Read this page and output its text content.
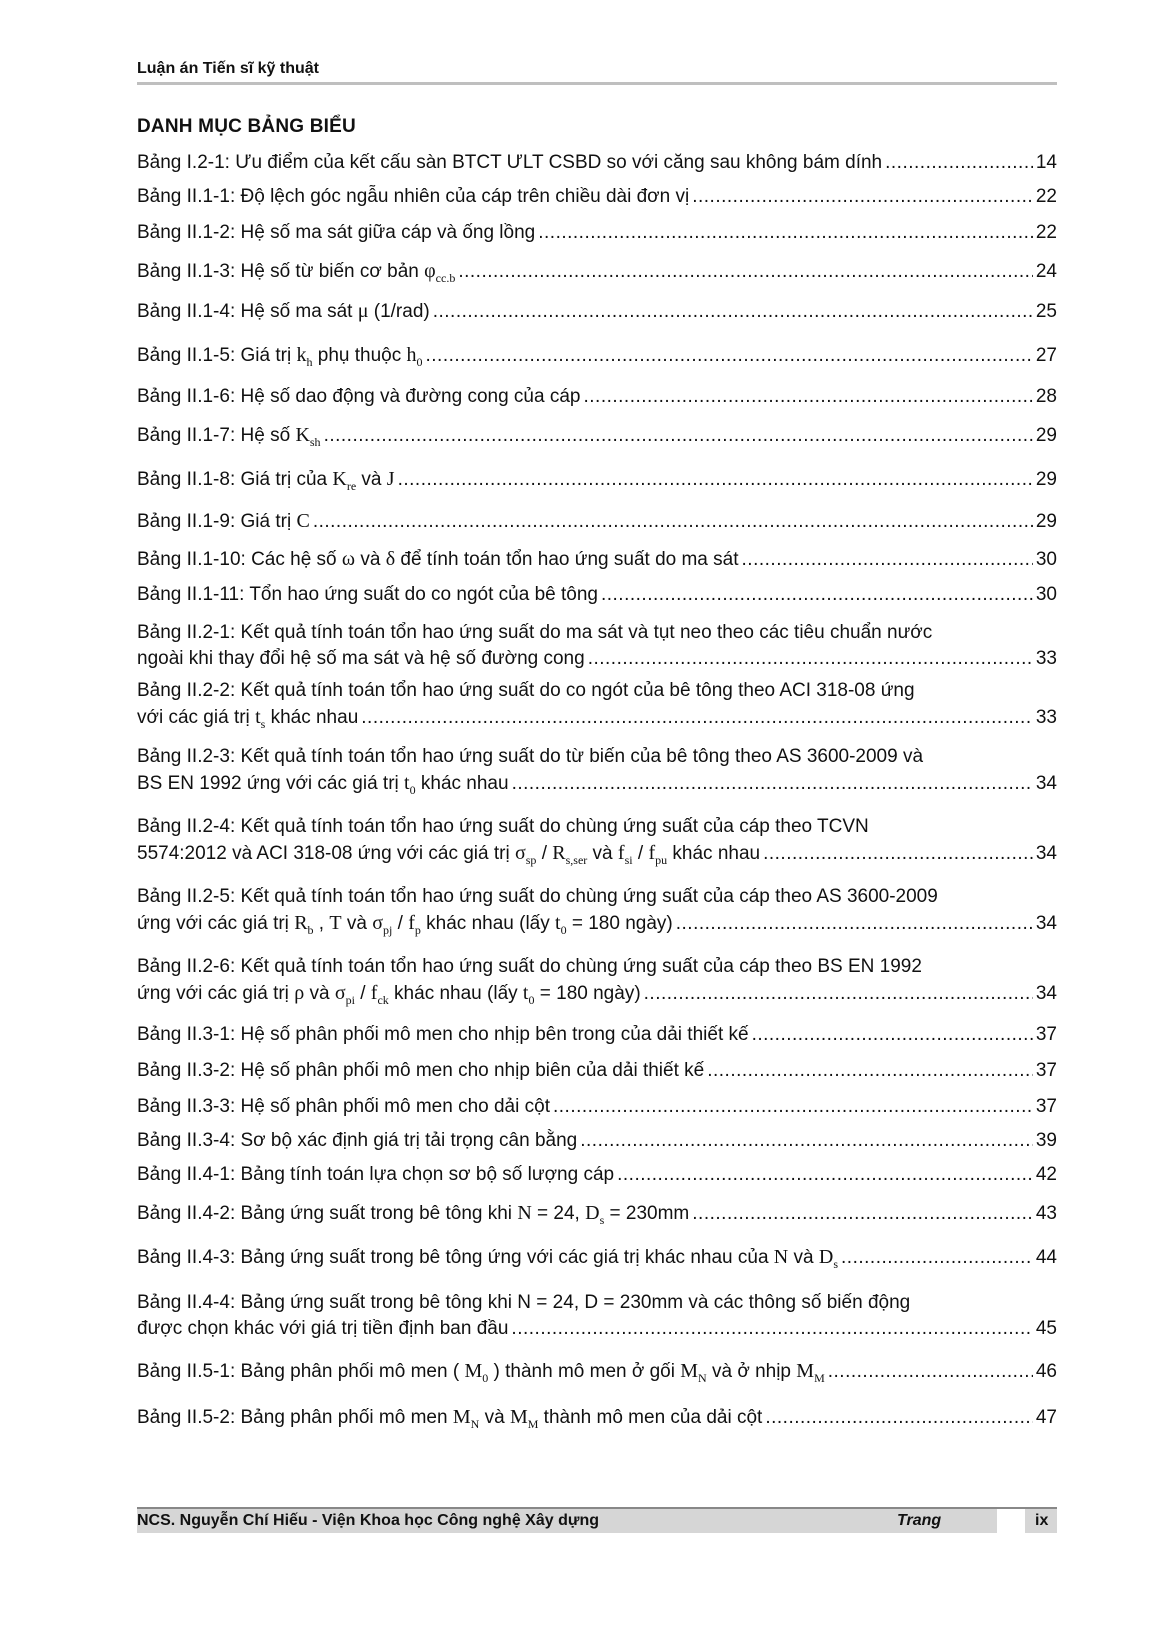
Luận án Tiến sĩ kỹ thuật
DANH MỤC BẢNG BIỂU
Bảng I.2-1: Ưu điểm của kết cấu sàn BTCT ƯLT CSBD so với căng sau không bám dính .....	14
Bảng II.1-1: Độ lệch góc ngẫu nhiên của cáp trên chiều dài đơn vị .....	22
Bảng II.1-2: Hệ số ma sát giữa cáp và ống lồng .....	22
Bảng II.1-3: Hệ số từ biến cơ bản $\varphi_{cc.b}$ .....	24
Bảng II.1-4: Hệ số ma sát μ (1/rad) .....	25
Bảng II.1-5: Giá trị $k_h$ phụ thuộc $h_0$ .....	27
Bảng II.1-6: Hệ số dao động và đường cong của cáp .....	28
Bảng II.1-7: Hệ số $K_{sh}$ .....	29
Bảng II.1-8: Giá trị của $K_{re}$ và J .....	29
Bảng II.1-9: Giá trị C .....	29
Bảng II.1-10: Các hệ số ω và δ để tính toán tổn hao ứng suất do ma sát .....	30
Bảng II.1-11: Tổn hao ứng suất do co ngót của bê tông .....	30
Bảng II.2-1: Kết quả tính toán tổn hao ứng suất do ma sát và tụt neo theo các tiêu chuẩn nước
ngoài khi thay đổi hệ số ma sát và hệ số đường cong .....	33
Bảng II.2-2: Kết quả tính toán tổn hao ứng suất do co ngót của bê tông theo ACI 318-08 ứng
với các giá trị $t_s$ khác nhau .....	33
Bảng II.2-3: Kết quả tính toán tổn hao ứng suất do từ biến của bê tông theo AS 3600-2009 và
BS EN 1992 ứng với các giá trị $t_0$ khác nhau .....	34
Bảng II.2-4: Kết quả tính toán tổn hao ứng suất do chùng ứng suất của cáp theo TCVN
5574:2012 và ACI 318-08 ứng với các giá trị $\sigma_{sp} / R_{s,ser}$ và $f_{si} / f_{pu}$ khác nhau .....	34
Bảng II.2-5: Kết quả tính toán tổn hao ứng suất do chùng ứng suất của cáp theo AS 3600-2009
ứng với các giá trị $R_b$ , T và $\sigma_{pj} / f_p$ khác nhau (lấy $t_0 = 180$ ngày) .....	34
Bảng II.2-6: Kết quả tính toán tổn hao ứng suất do chùng ứng suất của cáp theo BS EN 1992
ứng với các giá trị ρ và $\sigma_{pi} / f_{ck}$ khác nhau (lấy $t_0 = 180$ ngày) .....	34
Bảng II.3-1: Hệ số phân phối mô men cho nhịp bên trong của dải thiết kế .....	37
Bảng II.3-2: Hệ số phân phối mô men cho nhịp biên của dải thiết kế .....	37
Bảng II.3-3: Hệ số phân phối mô men cho dải cột .....	37
Bảng II.3-4: Sơ bộ xác định giá trị tải trọng cân bằng .....	39
Bảng II.4-1: Bảng tính toán lựa chọn sơ bộ số lượng cáp .....	42
Bảng II.4-2: Bảng ứng suất trong bê tông khi N = 24, $D_s = 230mm$ .....	43
Bảng II.4-3: Bảng ứng suất trong bê tông ứng với các giá trị khác nhau của N và $D_s$ .....	44
Bảng II.4-4: Bảng ứng suất trong bê tông khi N = 24, D = 230mm và các thông số biến động
được chọn khác với giá trị tiền định ban đầu .....	45
Bảng II.5-1: Bảng phân phối mô men ( $M_0$ ) thành mô men ở gối $M_N$ và ở nhịp $M_M$ .....	46
Bảng II.5-2: Bảng phân phối mô men $M_N$ và $M_M$ thành mô men của dải cột .....	47
NCS. Nguyễn Chí Hiếu - Viện Khoa học Công nghệ Xây dựng	Trang	ix
